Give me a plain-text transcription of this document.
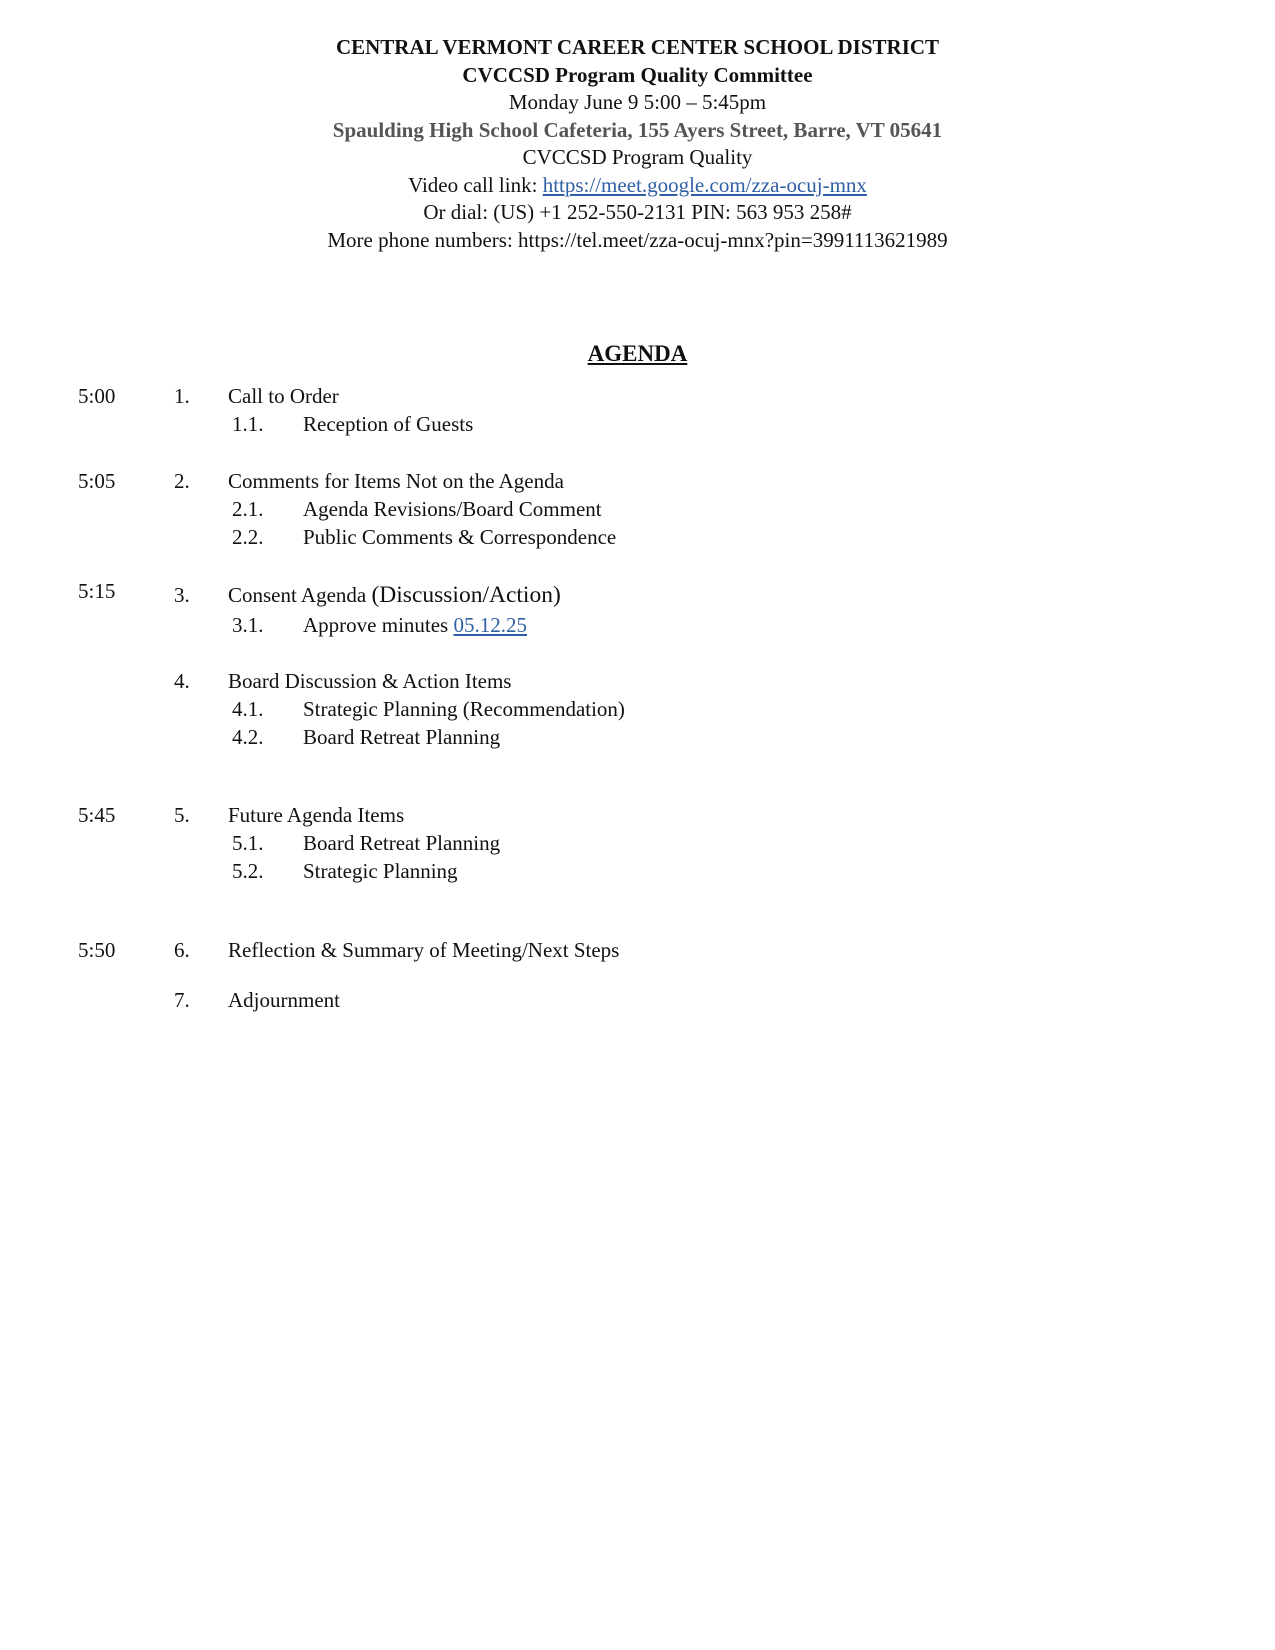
CENTRAL VERMONT CAREER CENTER SCHOOL DISTRICT
CVCCSD Program Quality Committee
Monday June 9 5:00 – 5:45pm
Spaulding High School Cafeteria, 155 Ayers Street, Barre, VT 05641
CVCCSD Program Quality
Video call link: https://meet.google.com/zza-ocuj-mnx
Or dial: (US) +1 252-550-2131 PIN: 563 953 258#
More phone numbers: https://tel.meet/zza-ocuj-mnx?pin=3991113621989
AGENDA
5:00	1. Call to Order
1.1. Reception of Guests
5:05	2. Comments for Items Not on the Agenda
2.1. Agenda Revisions/Board Comment
2.2. Public Comments & Correspondence
5:15	3. Consent Agenda (Discussion/Action)
3.1. Approve minutes 05.12.25
4. Board Discussion & Action Items
4.1. Strategic Planning (Recommendation)
4.2. Board Retreat Planning
5:45	5. Future Agenda Items
5.1. Board Retreat Planning
5.2. Strategic Planning
5:50	6. Reflection & Summary of Meeting/Next Steps
7. Adjournment
